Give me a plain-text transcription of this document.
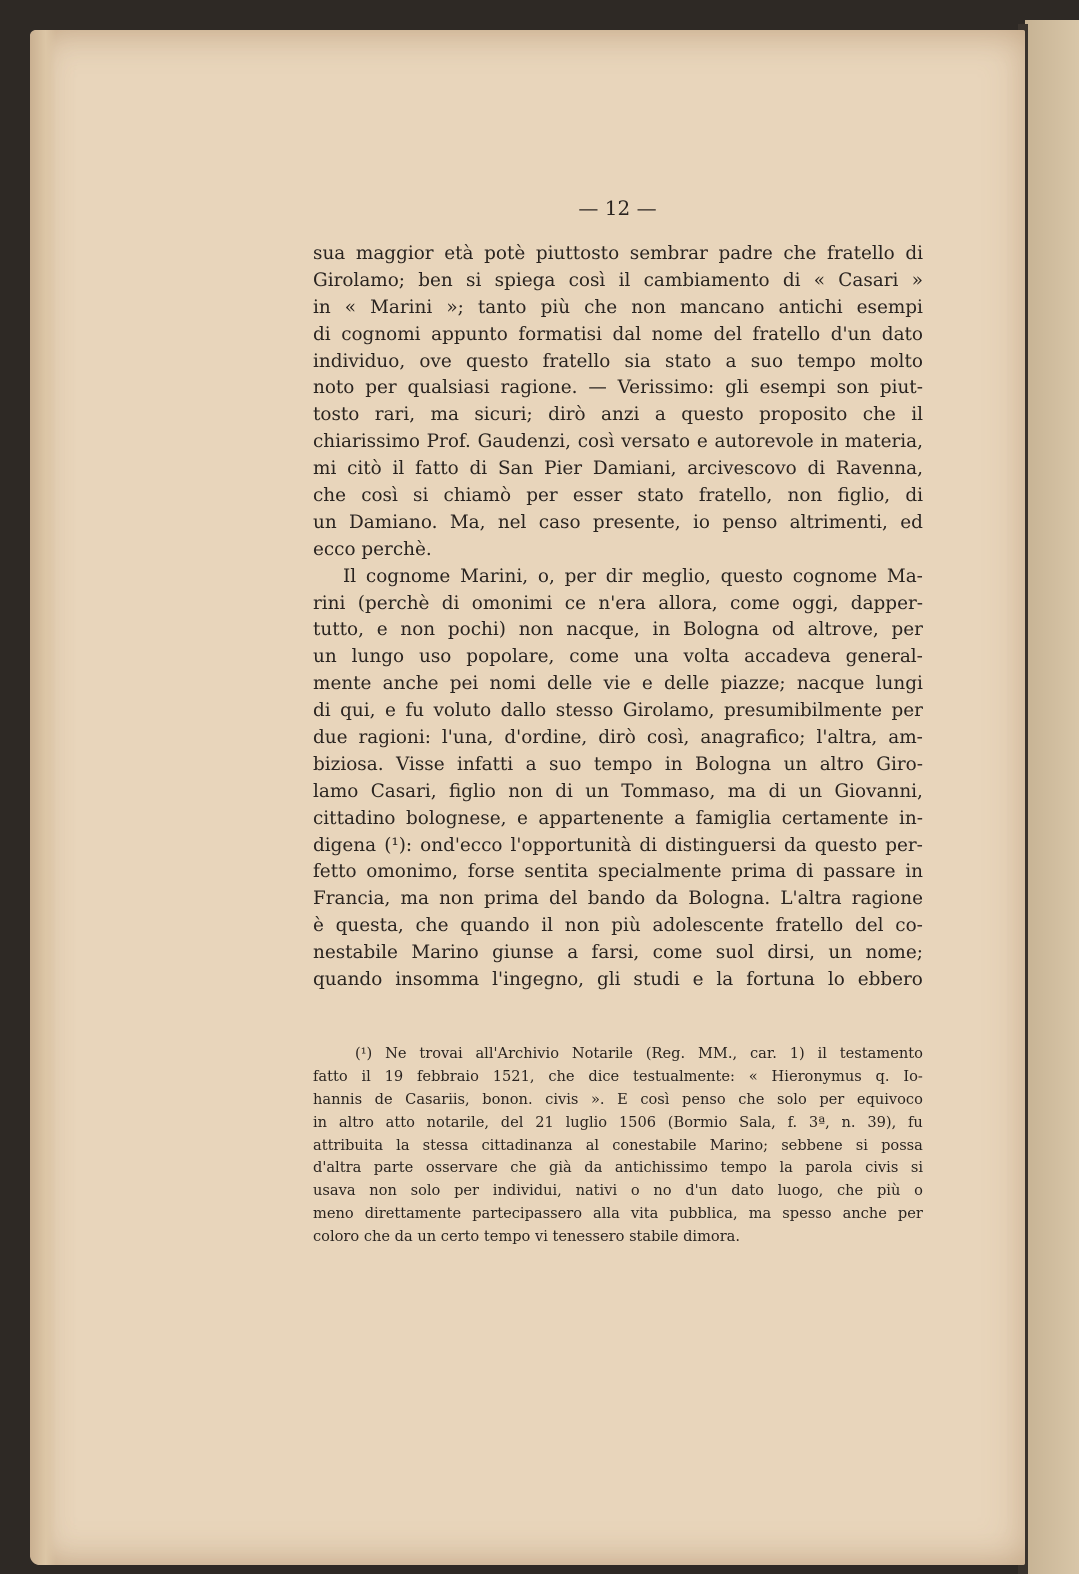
— 12 —
sua maggior età potè piuttosto sembrar padre che fratello di
Girolamo; ben si spiega così il cambiamento di « Casari »
in « Marini »; tanto più che non mancano antichi esempi
di cognomi appunto formatisi dal nome del fratello d'un dato
individuo, ove questo fratello sia stato a suo tempo molto
noto per qualsiasi ragione. — Verissimo: gli esempi son piut-
tosto rari, ma sicuri; dirò anzi a questo proposito che il
chiarissimo Prof. Gaudenzi, così versato e autorevole in materia,
mi citò il fatto di San Pier Damiani, arcivescovo di Ravenna,
che così si chiamò per esser stato fratello, non figlio, di
un Damiano. Ma, nel caso presente, io penso altrimenti, ed
ecco perchè.
Il cognome Marini, o, per dir meglio, questo cognome Ma-
rini (perchè di omonimi ce n'era allora, come oggi, dapper-
tutto, e non pochi) non nacque, in Bologna od altrove, per
un lungo uso popolare, come una volta accadeva general-
mente anche pei nomi delle vie e delle piazze; nacque lungi
di qui, e fu voluto dallo stesso Girolamo, presumibilmente per
due ragioni: l'una, d'ordine, dirò così, anagrafico; l'altra, am-
biziosa. Visse infatti a suo tempo in Bologna un altro Giro-
lamo Casari, figlio non di un Tommaso, ma di un Giovanni,
cittadino bolognese, e appartenente a famiglia certamente in-
digena (¹): ond'ecco l'opportunità di distinguersi da questo per-
fetto omonimo, forse sentita specialmente prima di passare in
Francia, ma non prima del bando da Bologna. L'altra ragione
è questa, che quando il non più adolescente fratello del co-
nestabile Marino giunse a farsi, come suol dirsi, un nome;
quando insomma l'ingegno, gli studi e la fortuna lo ebbero
(¹) Ne trovai all'Archivio Notarile (Reg. MM., car. 1) il testamento
fatto il 19 febbraio 1521, che dice testualmente: « Hieronymus q. Io-
hannis de Casariis, bonon. civis ». E così penso che solo per equivoco
in altro atto notarile, del 21 luglio 1506 (Bormio Sala, f. 3ª, n. 39), fu
attribuita la stessa cittadinanza al conestabile Marino; sebbene si possa
d'altra parte osservare che già da antichissimo tempo la parola civis si
usava non solo per individui, nativi o no d'un dato luogo, che più o
meno direttamente partecipassero alla vita pubblica, ma spesso anche per
coloro che da un certo tempo vi tenessero stabile dimora.
